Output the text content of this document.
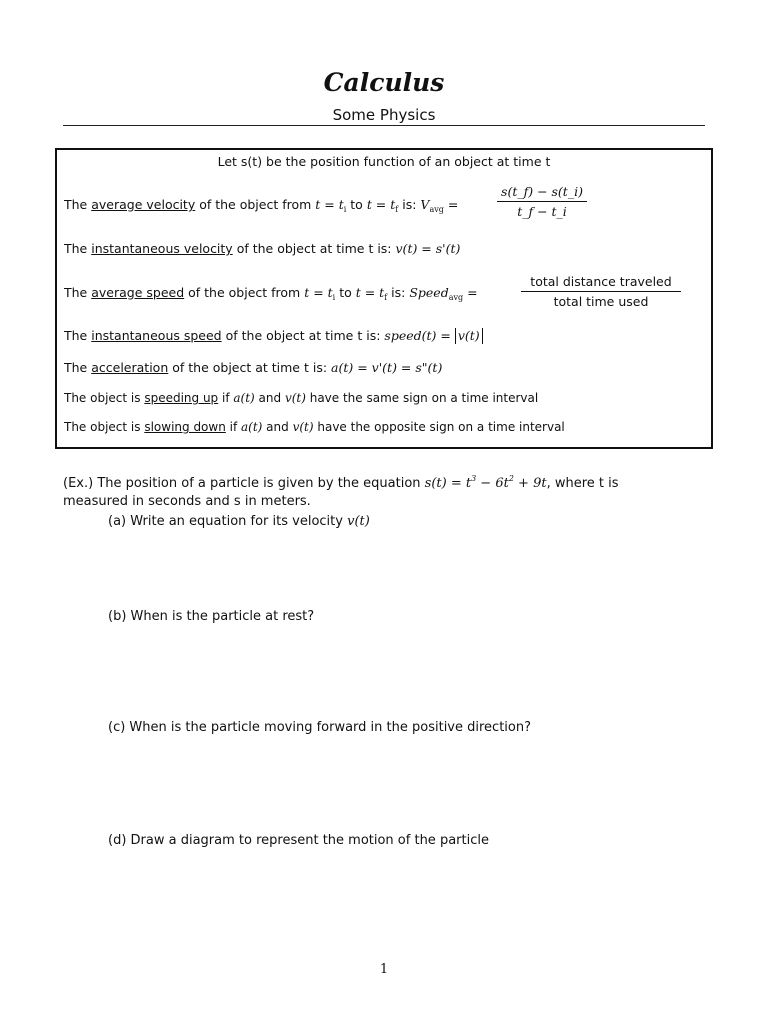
Calculus
Some Physics
Let s(t) be the position function of an object at time t
The average velocity of the object from $t = t_i$ to $t = t_f$ is: $V_{avg}$ =
s(t_f) − s(t_i)
t_f − t_i
The instantaneous velocity of the object at time t is: v(t) = s'(t)
The average speed of the object from $t = t_i$ to $t = t_f$ is: Speed$_{avg}$ =
total distance traveled
total time used
The instantaneous speed of the object at time t is: speed(t) = v(t)
The acceleration of the object at time t is: a(t) = v'(t) = s"(t)
The object is speeding up if a(t) and v(t) have the same sign on a time interval
The object is slowing down if a(t) and v(t) have the opposite sign on a time interval
(Ex.) The position of a particle is given by the equation $s(t) = t^3 - 6t^2 + 9t$, where t is
measured in seconds and s in meters.
(a) Write an equation for its velocity v(t)
(b) When is the particle at rest?
(c) When is the particle moving forward in the positive direction?
(d) Draw a diagram to represent the motion of the particle
1
